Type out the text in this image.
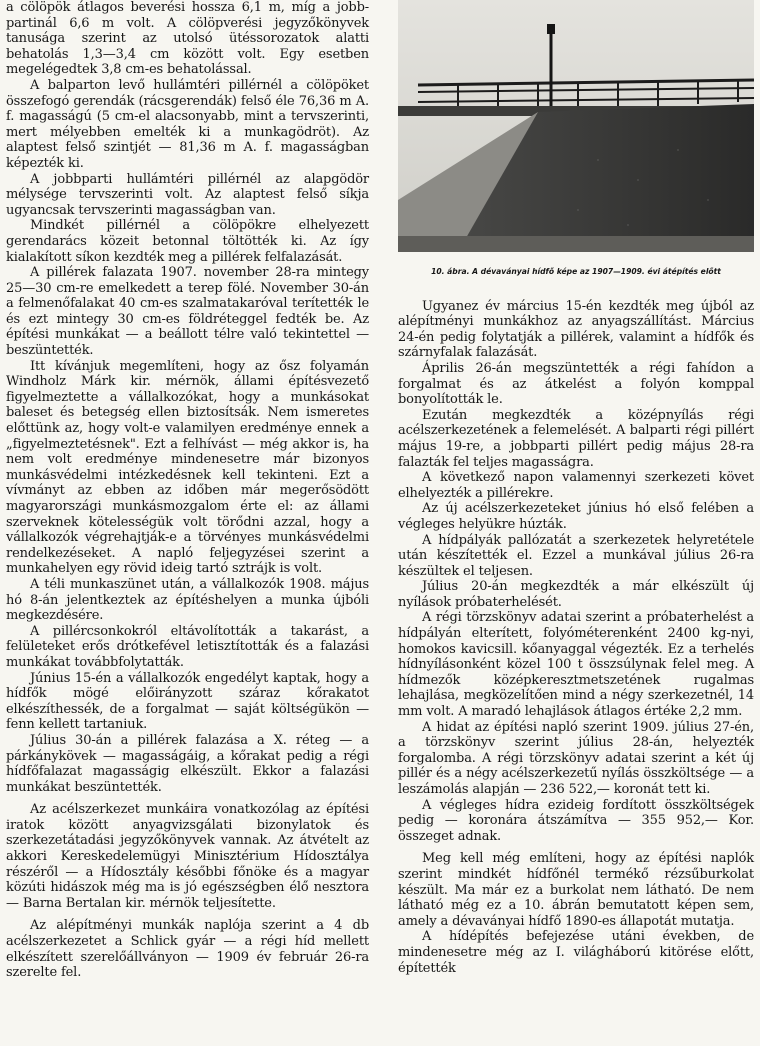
a cölöpök átlagos beverési hossza 6,1 m, míg a jobb-partinál 6,6 m volt. A cölöpverési jegyzőkönyvek tanusága szerint az utolsó ütéssorozatok alatti behatolás 1,3—3,4 cm között volt. Egy esetben megelégedtek 3,8 cm-es behatolással.

A balparton levő hullámtéri pillérnél a cölöpöket összefogó gerendák (rácsgerendák) felső éle 76,36 m A. f. magasságú (5 cm-el alacsonyabb, mint a tervszerinti, mert mélyebben emelték ki a munkagödröt). Az alaptest felső szintjét — 81,36 m A. f. magasságban képezték ki.

A jobbparti hullámtéri pillérnél az alapgödör mélysége tervszerinti volt. Az alaptest felső síkja ugyancsak tervszerinti magasságban van.

Mindkét pillérnél a cölöpökre elhelyezett gerendarács közeit betonnal töltötték ki. Az így kialakított síkon kezdték meg a pillérek felfalazását.

A pillérek falazata 1907. november 28-ra mintegy 25—30 cm-re emelkedett a terep fölé. November 30-án a felmenőfalakat 40 cm-es szalmatakaróval terítették le és ezt mintegy 30 cm-es földréteggel fedték be. Az építési munkákat — a beállott télre való tekintettel — beszüntették.

Itt kívánjuk megemlíteni, hogy az ősz folyamán Windholz Márk kir. mérnök, állami építésvezető figyelmeztette a vállalkozókat, hogy a munkásokat baleset és betegség ellen biztosítsák. Nem ismeretes előttünk az, hogy volt-e valamilyen eredménye ennek a „figyelmeztetésnek". Ezt a felhívást — még akkor is, ha nem volt eredménye mindenesetre már bizonyos munkásvédelmi intézkedésnek kell tekinteni. Ezt a vívmányt az ebben az időben már megerősödött magyarországi munkásmozgalom érte el: az állami szerveknek kötelességük volt törődni azzal, hogy a vállalkozók végrehajtják-e a törvényes munkásvédelmi rendelkezéseket. A napló feljegyzései szerint a munkahelyen egy rövid ideig tartó sztrájk is volt.

A téli munkaszünet után, a vállalkozók 1908. május hó 8-án jelentkeztek az építéshelyen a munka újbóli megkezdésére.

A pillércsonkokról eltávolították a takarást, a felületeket erős drótkefével letisztították és a falazási munkákat továbbfolytatták.

Június 15-én a vállalkozók engedélyt kaptak, hogy a hídfők mögé előirányzott száraz kőrakatot elkészíthessék, de a forgalmat — saját költségükön — fenn kellett tartaniuk.

Július 30-án a pillérek falazása a X. réteg — a párkánykövek — magasságáig, a kőrakat pedig a régi hídfőfalazat magasságig elkészült. Ekkor a falazási munkákat beszüntették.

Az acélszerkezet munkáira vonatkozólag az építési iratok között anyagvizsgálati bizonylatok és szerkezetátadási jegyzőkönyvek vannak. Az átvételt az akkori Kereskedelemügyi Minisztérium Hídosztálya részéről — a Hídosztály későbbi főnöke és a magyar közúti hidászok még ma is jó egészségben élő nesztora — Barna Bertalan kir. mérnök teljesítette.

Az alépítményi munkák naplója szerint a 4 db acélszerkezetet a Schlick gyár — a régi híd mellett elkészített szerelőállványon — 1909 év február 26-ra szerelte fel.

10. ábra. A dévaványai hídfő képe az 1907—1909. évi átépítés előtt

Ugyanez év március 15-én kezdték meg újból az alépítményi munkákhoz az anyagszállítást. Március 24-én pedig folytatják a pillérek, valamint a hídfők és szárnyfalak falazását.

Április 26-án megszüntették a régi fahídon a forgalmat és az átkelést a folyón komppal bonyolították le.

Ezután megkezdték a középnyílás régi acélszerkezetének a felemelését. A balparti régi pillért május 19-re, a jobbparti pillért pedig május 28-ra falazták fel teljes magasságra.

A következő napon valamennyi szerkezeti követ elhelyezték a pillérekre.

Az új acélszerkezeteket június hó első felében a végleges helyükre húzták.

A hídpályák pallózatát a szerkezetek helyretétele után készítették el. Ezzel a munkával július 26-ra készültek el teljesen.

Július 20-án megkezdték a már elkészült új nyílások próbaterhelését.

A régi törzskönyv adatai szerint a próbaterhelést a hídpályán elterített, folyóméterenként 2400 kg-nyi, homokos kavicsill. kőanyaggal végezték. Ez a terhelés hídnyílásonként közel 100 t összsúlynak felel meg. A hídmezők középkeresztmetszetének rugalmas lehajlása, megközelítően mind a négy szerkezetnél, 14 mm volt. A maradó lehajlások átlagos értéke 2,2 mm.

A hidat az építési napló szerint 1909. július 27-én, a törzskönyv szerint július 28-án, helyezték forgalomba. A régi törzskönyv adatai szerint a két új pillér és a négy acélszerkezetű nyílás összköltsége — a leszámolás alapján — 236 522,— koronát tett ki.

A végleges hídra ezideig fordított összköltségek pedig — koronára átszámítva — 355 952,— Kor. összeget adnak.

Meg kell még említeni, hogy az építési naplók szerint mindkét hídfőnél termékő rézsűburkolat készült. Ma már ez a burkolat nem látható. De nem látható még ez a 10. ábrán bemutatott képen sem, amely a dévaványai hídfő 1890-es állapotát mutatja.

A hídépítés befejezése utáni években, de mindenesetre még az I. világháború kitörése előtt, építették
